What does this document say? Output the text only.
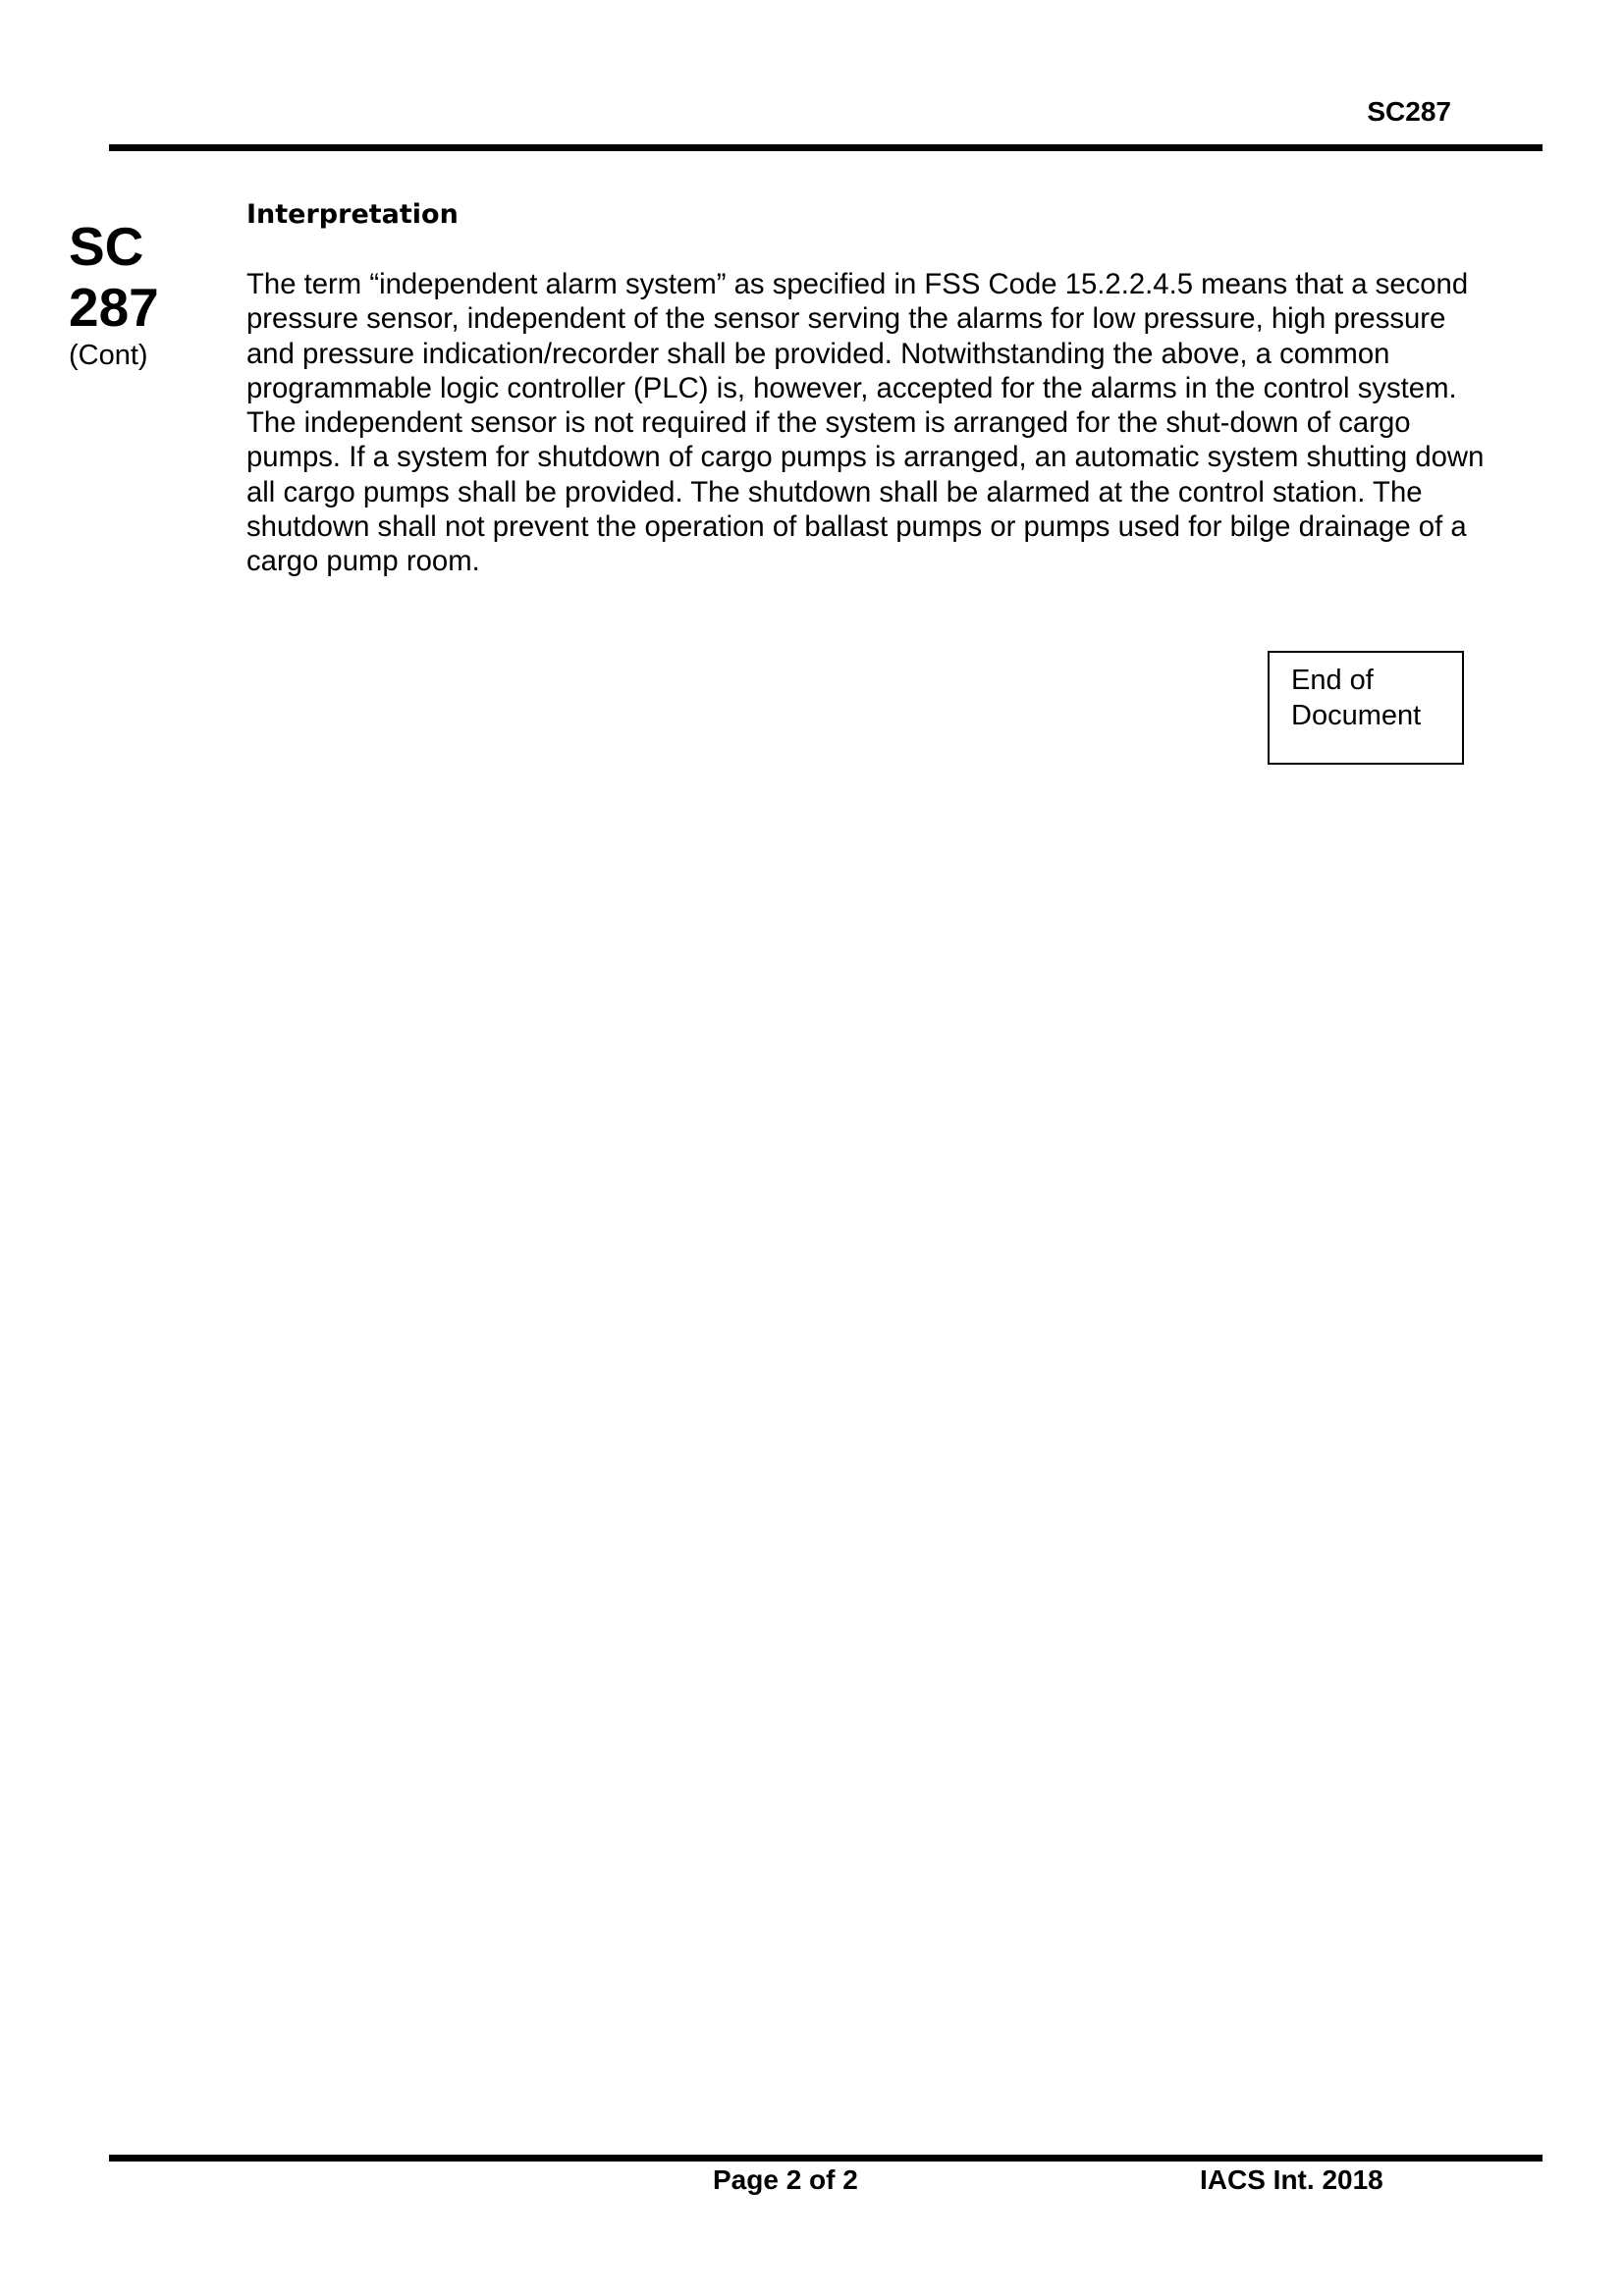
SC287
SC
287
(Cont)
Interpretation

The term “independent alarm system” as specified in FSS Code 15.2.2.4.5 means that a second pressure sensor, independent of the sensor serving the alarms for low pressure, high pressure and pressure indication/recorder shall be provided. Notwithstanding the above, a common programmable logic controller (PLC) is, however, accepted for the alarms in the control system. The independent sensor is not required if the system is arranged for the shut-down of cargo pumps. If a system for shutdown of cargo pumps is arranged, an automatic system shutting down all cargo pumps shall be provided. The shutdown shall be alarmed at the control station. The shutdown shall not prevent the operation of ballast pumps or pumps used for bilge drainage of a cargo pump room.

End of
Document
Page 2 of 2	IACS Int. 2018
